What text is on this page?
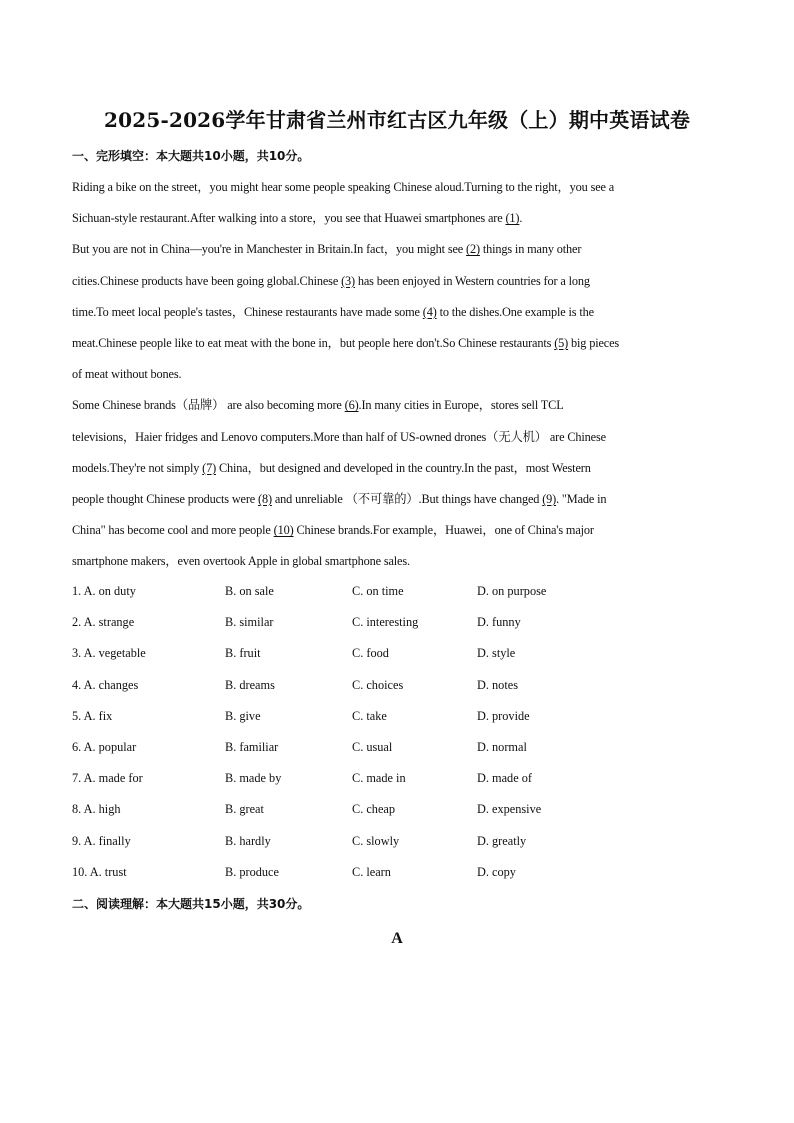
2025-2026学年甘肃省兰州市红古区九年级（上）期中英语试卷
一、完形填空：本大题共10小题，共10分。
Riding a bike on the street，you might hear some people speaking Chinese aloud.Turning to the right，you see a
Sichuan-style restaurant.After walking into a store，you see that Huawei smartphones are (1).
But you are not in China—you're in Manchester in Britain.In fact，you might see (2) things in many other
cities.Chinese products have been going global.Chinese (3) has been enjoyed in Western countries for a long
time.To meet local people's tastes，Chinese restaurants have made some (4) to the dishes.One example is the
meat.Chinese people like to eat meat with the bone in，but people here don't.So Chinese restaurants (5) big pieces
of meat without bones.
Some Chinese brands（品牌） are also becoming more (6).In many cities in Europe，stores sell TCL
televisions，Haier fridges and Lenovo computers.More than half of US-owned drones（无人机） are Chinese
models.They're not simply (7) China，but designed and developed in the country.In the past，most Western
people thought Chinese products were (8) and unreliable （不可靠的）.But things have changed (9). "Made in
China" has become cool and more people (10) Chinese brands.For example，Huawei，one of China's major
smartphone makers，even overtook Apple in global smartphone sales.
1. A. on duty	B. on sale	C. on time	D. on purpose
2. A. strange	B. similar	C. interesting	D. funny
3. A. vegetable	B. fruit	C. food	D. style
4. A. changes	B. dreams	C. choices	D. notes
5. A. fix	B. give	C. take	D. provide
6. A. popular	B. familiar	C. usual	D. normal
7. A. made for	B. made by	C. made in	D. made of
8. A. high	B. great	C. cheap	D. expensive
9. A. finally	B. hardly	C. slowly	D. greatly
10. A. trust	B. produce	C. learn	D. copy
二、阅读理解：本大题共15小题，共30分。
A
